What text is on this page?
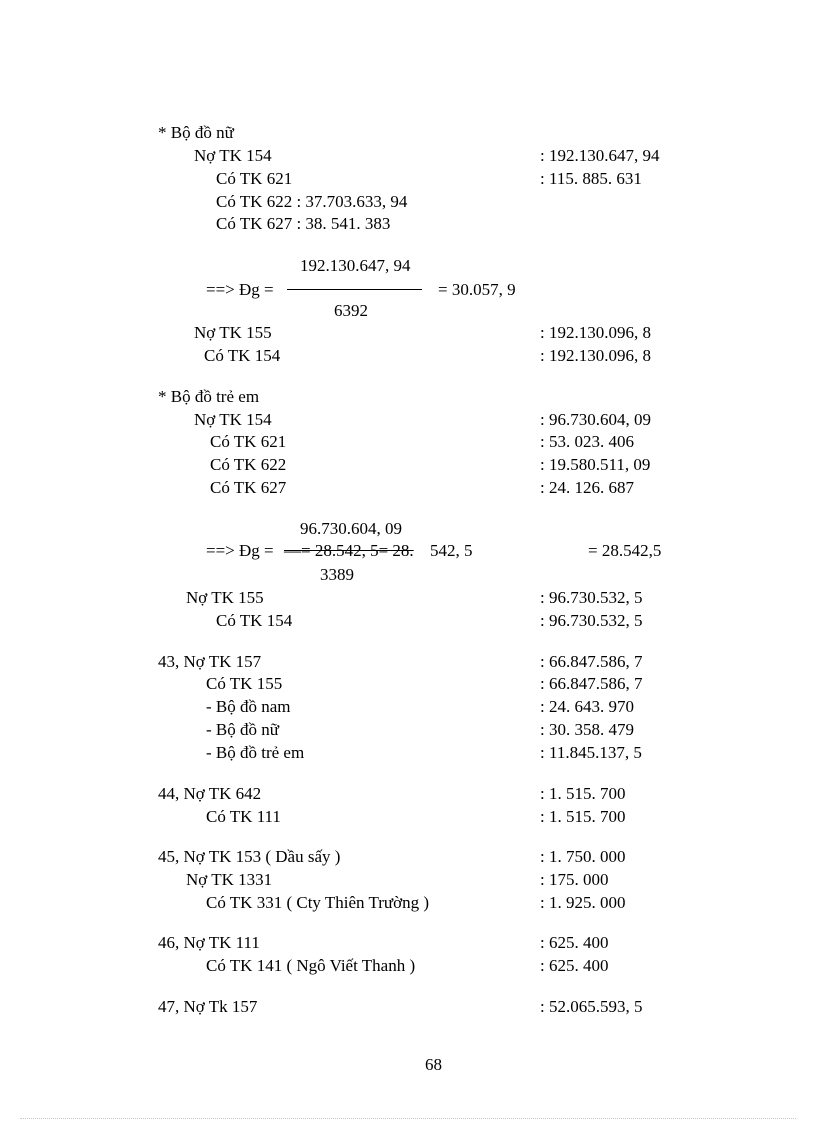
* Bộ đồ nữ
Nợ TK 154	: 192.130.647, 94
Có TK 621	: 115. 885. 631
Có TK 622 : 37.703.633, 94
Có TK 627 : 38. 541. 383
192.130.647, 94
==> Đg =	= 30.057, 9
6392
Nợ TK 155	: 192.130.096, 8
Có TK 154	: 192.130.096, 8
* Bộ đồ trẻ em
Nợ TK 154	: 96.730.604, 09
Có TK 621	: 53. 023. 406
Có TK 622	: 19.580.511, 09
Có TK 627	: 24. 126. 687
96.730.604, 09
==> Đg = —= 28.542, 5= 28. 542, 5	= 28.542,5
3389
Nợ TK 155	: 96.730.532, 5
Có TK 154	: 96.730.532, 5
43, Nợ TK 157	: 66.847.586, 7
Có TK 155	: 66.847.586, 7
- Bộ đồ nam	: 24. 643. 970
- Bộ đồ nữ	: 30. 358. 479
- Bộ đồ trẻ em	: 11.845.137, 5
44, Nợ TK 642	: 1. 515. 700
Có TK 111	: 1. 515. 700
45, Nợ TK 153 ( Dầu sấy )	: 1. 750. 000
Nợ TK 1331	: 175. 000
Có TK 331 ( Cty Thiên Trường )	: 1. 925. 000
46, Nợ TK 111	: 625. 400
Có TK 141 ( Ngô Viết Thanh )	: 625. 400
47, Nợ Tk 157	: 52.065.593, 5
68
